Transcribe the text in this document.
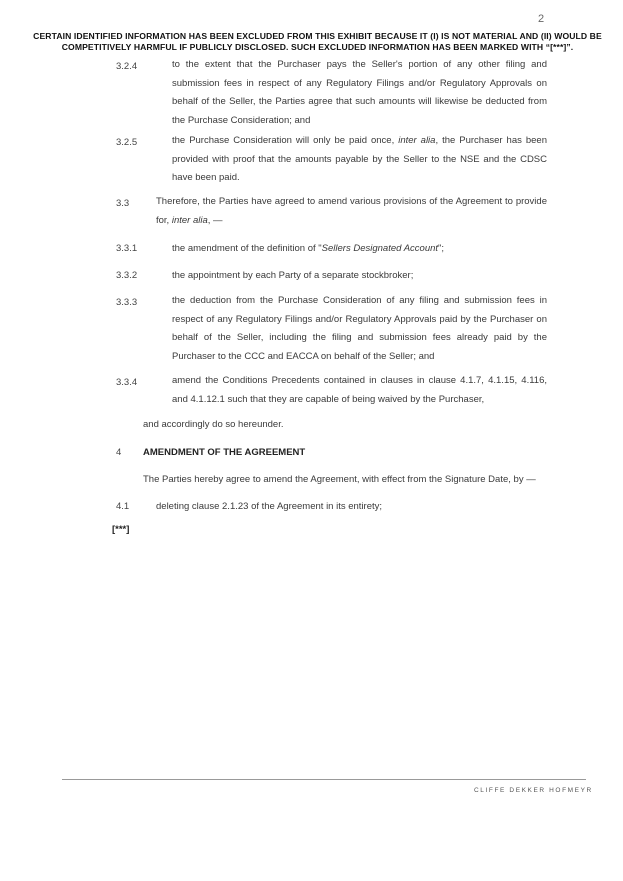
2
CERTAIN IDENTIFIED INFORMATION HAS BEEN EXCLUDED FROM THIS EXHIBIT BECAUSE IT (I) IS NOT MATERIAL AND (II) WOULD BE COMPETITIVELY HARMFUL IF PUBLICLY DISCLOSED. SUCH EXCLUDED INFORMATION HAS BEEN MARKED WITH “[***]”.
3.2.4	to the extent that the Purchaser pays the Seller's portion of any other filing and submission fees in respect of any Regulatory Filings and/or Regulatory Approvals on behalf of the Seller, the Parties agree that such amounts will likewise be deducted from the Purchase Consideration; and
3.2.5	the Purchase Consideration will only be paid once, inter alia, the Purchaser has been provided with proof that the amounts payable by the Seller to the NSE and the CDSC have been paid.
3.3	Therefore, the Parties have agreed to amend various provisions of the Agreement to provide for, inter alia, —
3.3.1	the amendment of the definition of "Sellers Designated Account";
3.3.2	the appointment by each Party of a separate stockbroker;
3.3.3	the deduction from the Purchase Consideration of any filing and submission fees in respect of any Regulatory Filings and/or Regulatory Approvals paid by the Purchaser on behalf of the Seller, including the filing and submission fees already paid by the Purchaser to the CCC and EACCA on behalf of the Seller; and
3.3.4	amend the Conditions Precedents contained in clauses in clause 4.1.7, 4.1.15, 4.116, and 4.1.12.1 such that they are capable of being waived by the Purchaser,
and accordingly do so hereunder.
4 AMENDMENT OF THE AGREEMENT
The Parties hereby agree to amend the Agreement, with effect from the Signature Date, by —
4.1	deleting clause 2.1.23 of the Agreement in its entirety;
[***]
CLIFFE DEKKER HOFMEYR
